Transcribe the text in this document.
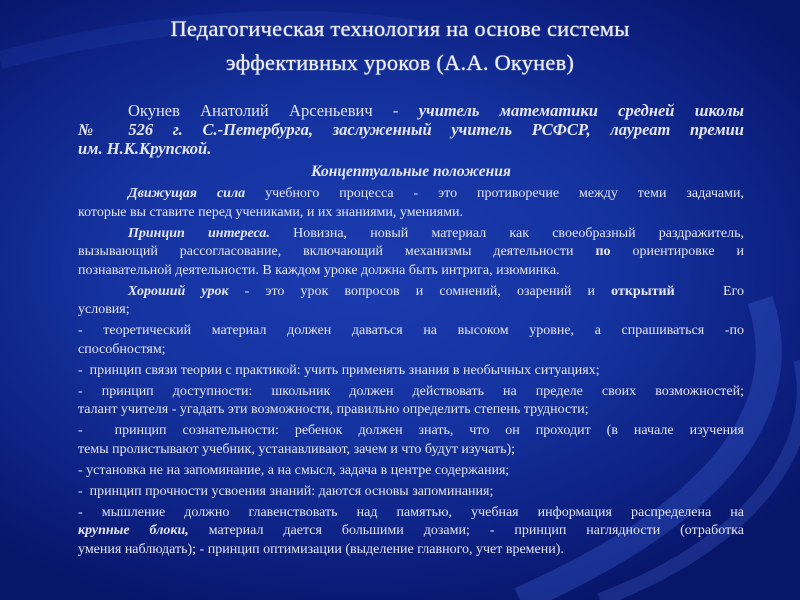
Педагогическая технология на основе системы
эффективных уроков (А.А. Окунев)
Окунев Анатолий Арсеньевич - учитель математики средней школы
№ 526 г. С.-Петербурга, заслуженный учитель РСФСР, лауреат премии
им. Н.К.Крупской.
Концептуальные положения
Движущая сила учебного процесса - это противоречие между теми задачами,
которые вы ставите перед учениками, и их знаниями, умениями.
Принцип интереса. Новизна, новый материал как своеобразный раздражитель,
вызывающий рассогласование, включающий механизмы деятельности по ориентировке и
познавательной деятельности. В каждом уроке должна быть интрига, изюминка.
Хороший урок - это урок вопросов и сомнений, озарений и открытий   Его
условия;
- теоретический материал должен даваться на высоком уровне, а спрашиваться -по
способностям;
-  принцип связи теории с практикой: учить применять знания в необычных ситуациях;
- принцип доступности: школьник должен действовать на пределе своих возможностей;
талант учителя - угадать эти возможности, правильно определить степень трудности;
-  принцип сознательности: ребенок должен знать, что он проходит (в начале изучения
темы пролистывают учебник, устанавливают, зачем и что будут изучать);
- установка не на запоминание, а на смысл, задача в центре содержания;
-  принцип прочности усвоения знаний: даются основы запоминания;
- мышление должно главенствовать над памятью, учебная информация распределена на
крупные блоки, материал дается большими дозами; - принцип наглядности (отработка
умения наблюдать); - принцип оптимизации (выделение главного, учет времени).
